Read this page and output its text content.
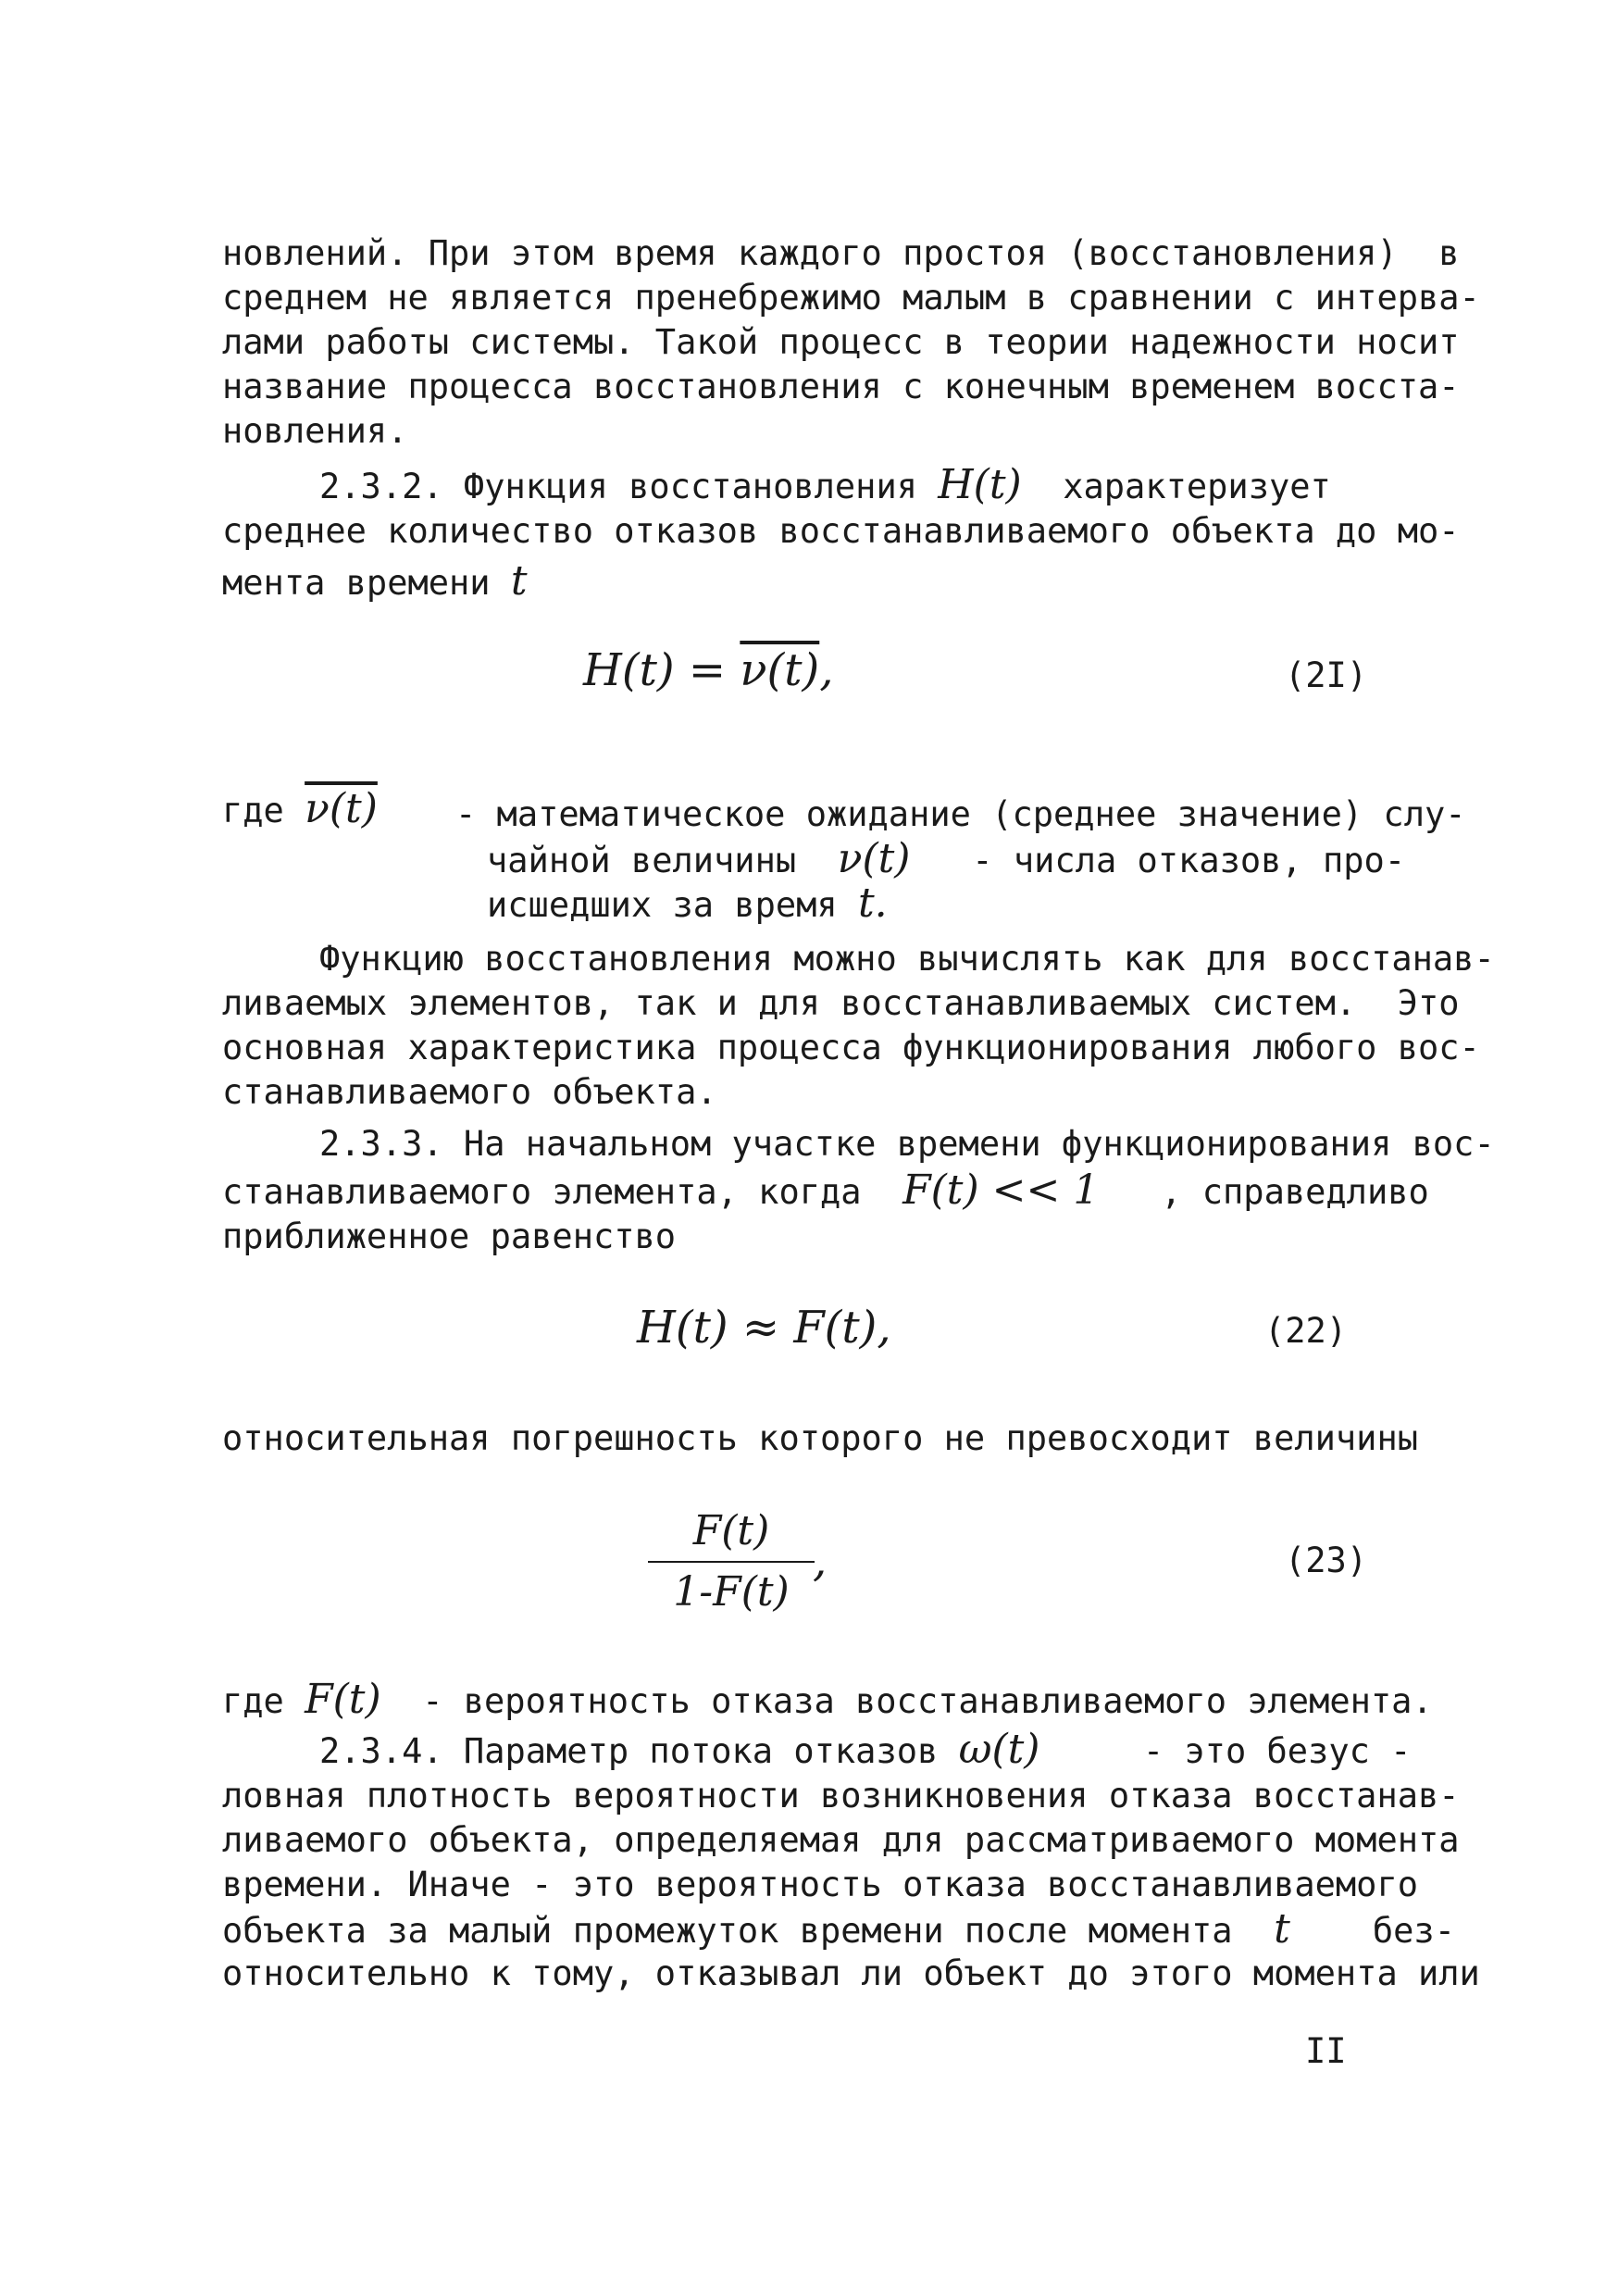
новлений. При этом время каждого простоя (восстановления)  в
среднем не является пренебрежимо малым в сравнении с интерва-
лами работы системы. Такой процесс в теории надежности носит
название процесса восстановления с конечным временем восста-
новления.
2.3.2. Функция восстановления H(t)  характеризует
среднее количество отказов восстанавливаемого объекта до мо-
мента времени t
H(t) = ν(t),	(2I)
где ν(t) - математическое ожидание (среднее значение) слу-
чайной величины  ν(t)   - числа отказов, про-
исшедших за время t.
Функцию восстановления можно вычислять как для восстанав-
ливаемых элементов, так и для восстанавливаемых систем.  Это
основная характеристика процесса функционирования любого вос-
станавливаемого объекта.
2.3.3. На начальном участке времени функционирования вос-
станавливаемого элемента, когда  F(t) << 1   , справедливо
приближенное равенство
H(t) ≈ F(t),	(22)
относительная погрешность которого не превосходит величины
$\frac{F(t)}{1-F(t)}$
,	(23)
где F(t)  - вероятность отказа восстанавливаемого элемента.
2.3.4. Параметр потока отказов ω(t)     - это безус -
ловная плотность вероятности возникновения отказа восстанав-
ливаемого объекта, определяемая для рассматриваемого момента
времени. Иначе - это вероятность отказа восстанавливаемого
объекта за малый промежуток времени после момента  t    без-
относительно к тому, отказывал ли объект до этого момента или
II
